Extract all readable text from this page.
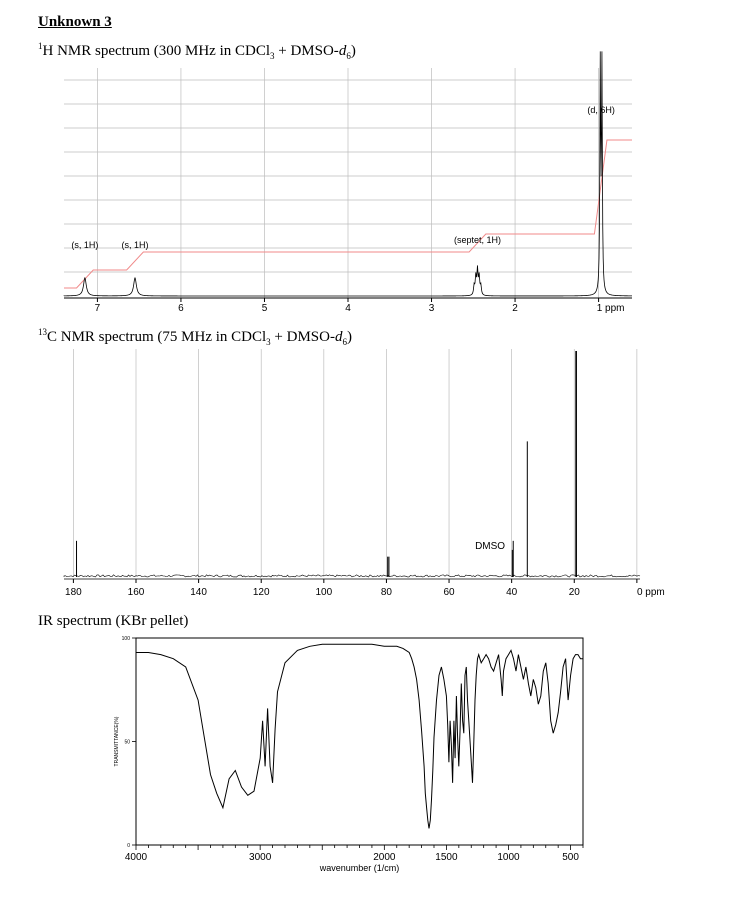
Unknown 3
$^1$H NMR spectrum (300 MHz in CDCl$_3$ + DMSO-$d_6$)
7	6	5	4	3	2	1 ppm
(s, 1H)	(s, 1H)	(septet, 1H)
(d, 6H)
$^{13}$C NMR spectrum (75 MHz in CDCl$_3$ + DMSO-$d_6$)
180	160	140	120	100	80	60	40	20	0 ppm
DMSO
IR spectrum (KBr pellet)
4000	3000	2000	1500	1000	500
wavenumber (1/cm)
0
50
100
TRANSMITTANCE(%)
